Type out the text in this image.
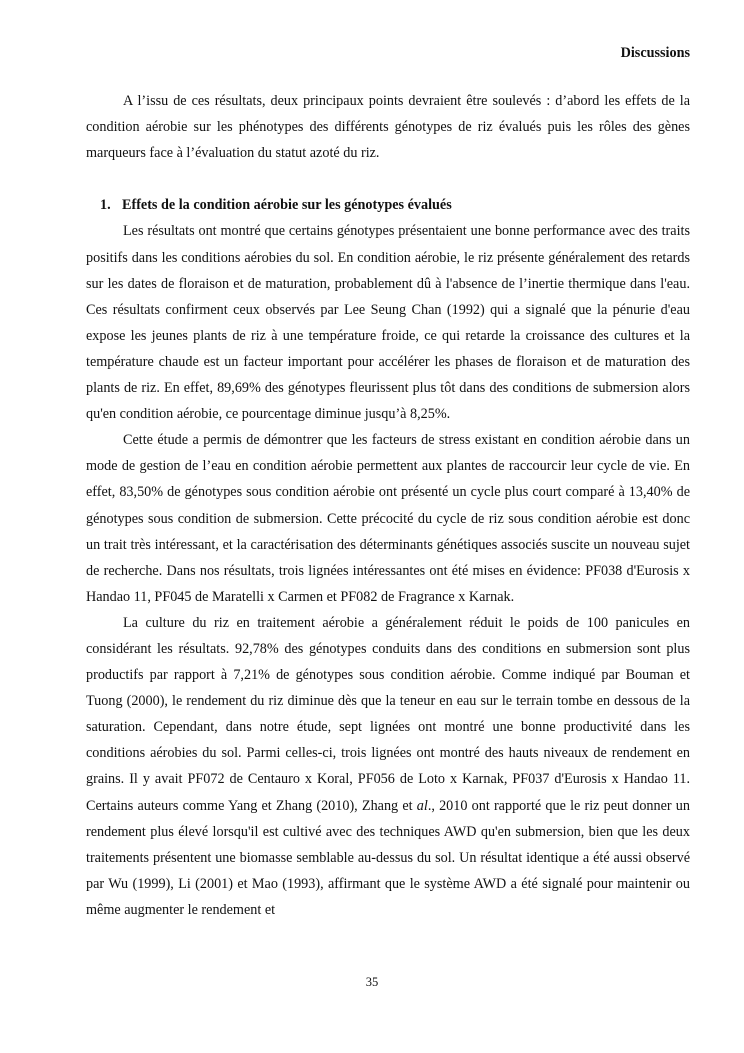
Discussions

A l’issu de ces résultats, deux principaux points devraient être soulevés : d’abord les effets de la condition aérobie sur les phénotypes des différents génotypes de riz évalués puis les rôles des gènes marqueurs face à l’évaluation du statut azoté du riz.

1. Effets de la condition aérobie sur les génotypes évalués

Les résultats ont montré que certains génotypes présentaient une bonne performance avec des traits positifs dans les conditions aérobies du sol. En condition aérobie, le riz présente généralement des retards sur les dates de floraison et de maturation, probablement dû à l'absence de l’inertie thermique dans l'eau. Ces résultats confirment ceux observés par Lee Seung Chan (1992) qui a signalé que la pénurie d'eau expose les jeunes plants de riz à une température froide, ce qui retarde la croissance des cultures et la température chaude est un facteur important pour accélérer les phases de floraison et de maturation des plants de riz. En effet, 89,69% des génotypes fleurissent plus tôt dans des conditions de submersion alors qu'en condition aérobie, ce pourcentage diminue jusqu’à 8,25%.

Cette étude a permis de démontrer que les facteurs de stress existant en condition aérobie dans un mode de gestion de l’eau en condition aérobie permettent aux plantes de raccourcir leur cycle de vie. En effet, 83,50% de génotypes sous condition aérobie ont présenté un cycle plus court comparé à 13,40% de génotypes sous condition de submersion. Cette précocité du cycle de riz sous condition aérobie est donc un trait très intéressant, et la caractérisation des déterminants génétiques associés suscite un nouveau sujet de recherche. Dans nos résultats, trois lignées intéressantes ont été mises en évidence: PF038 d'Eurosis x Handao 11, PF045 de Maratelli x Carmen et PF082 de Fragrance x Karnak.

La culture du riz en traitement aérobie a généralement réduit le poids de 100 panicules en considérant les résultats. 92,78% des génotypes conduits dans des conditions en submersion sont plus productifs par rapport à 7,21% de génotypes sous condition aérobie. Comme indiqué par Bouman et Tuong (2000), le rendement du riz diminue dès que la teneur en eau sur le terrain tombe en dessous de la saturation. Cependant, dans notre étude, sept lignées ont montré une bonne productivité dans les conditions aérobies du sol. Parmi celles-ci, trois lignées ont montré des hauts niveaux de rendement en grains. Il y avait PF072 de Centauro x Koral, PF056 de Loto x Karnak, PF037 d'Eurosis x Handao 11. Certains auteurs comme Yang et Zhang (2010), Zhang et al., 2010 ont rapporté que le riz peut donner un rendement plus élevé lorsqu'il est cultivé avec des techniques AWD qu'en submersion, bien que les deux traitements présentent une biomasse semblable au-dessus du sol. Un résultat identique a été aussi observé par Wu (1999), Li (2001) et Mao (1993), affirmant que le système AWD a été signalé pour maintenir ou même augmenter le rendement et

35
